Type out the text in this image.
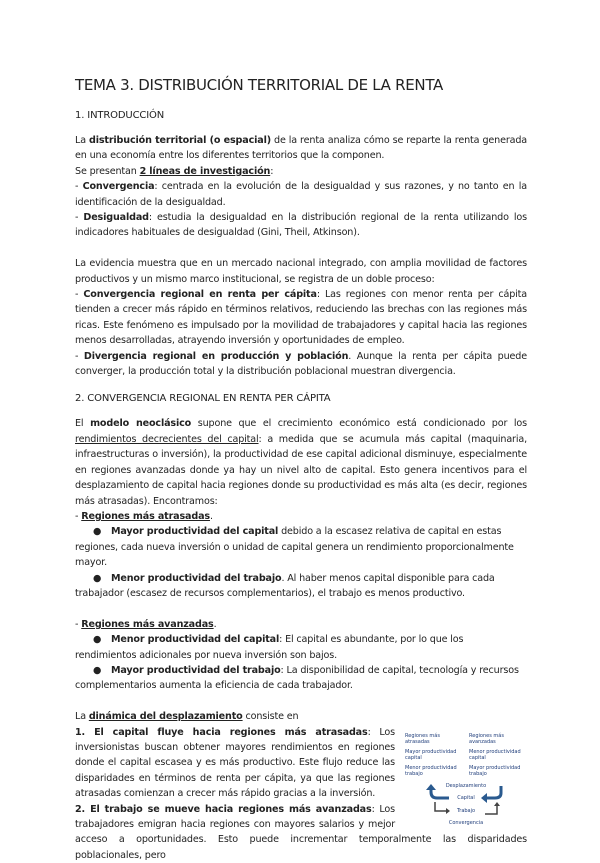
TEMA 3. DISTRIBUCIÓN TERRITORIAL DE LA RENTA
1. INTRODUCCIÓN

La distribución territorial (o espacial) de la renta analiza cómo se reparte la renta generada en una economía entre los diferentes territorios que la componen.

Se presentan 2 líneas de investigación:

- Convergencia: centrada en la evolución de la desigualdad y sus razones, y no tanto en la identificación de la desigualdad.

- Desigualdad: estudia la desigualdad en la distribución regional de la renta utilizando los indicadores habituales de desigualdad (Gini, Theil, Atkinson).

La evidencia muestra que en un mercado nacional integrado, con amplia movilidad de factores productivos y un mismo marco institucional, se registra de un doble proceso:

- Convergencia regional en renta per cápita: Las regiones con menor renta per cápita tienden a crecer más rápido en términos relativos, reduciendo las brechas con las regiones más ricas. Este fenómeno es impulsado por la movilidad de trabajadores y capital hacia las regiones menos desarrolladas, atrayendo inversión y oportunidades de empleo.

- Divergencia regional en producción y población. Aunque la renta per cápita puede converger, la producción total y la distribución poblacional muestran divergencia.

2. CONVERGENCIA REGIONAL EN RENTA PER CÁPITA

El modelo neoclásico supone que el crecimiento económico está condicionado por los rendimientos decrecientes del capital: a medida que se acumula más capital (maquinaria, infraestructuras o inversión), la productividad de ese capital adicional disminuye, especialmente en regiones avanzadas donde ya hay un nivel alto de capital. Esto genera incentivos para el desplazamiento de capital hacia regiones donde su productividad es más alta (es decir, regiones más atrasadas). Encontramos:

- Regiones más atrasadas.

● Mayor productividad del capital debido a la escasez relativa de capital en estas regiones, cada nueva inversión o unidad de capital genera un rendimiento proporcionalmente mayor.

● Menor productividad del trabajo. Al haber menos capital disponible para cada trabajador (escasez de recursos complementarios), el trabajo es menos productivo.

- Regiones más avanzadas.

● Menor productividad del capital: El capital es abundante, por lo que los rendimientos adicionales por nueva inversión son bajos.

● Mayor productividad del trabajo: La disponibilidad de capital, tecnología y recursos complementarios aumenta la eficiencia de cada trabajador.

La dinámica del desplazamiento consiste en

Regiones más atrasadas
Mayor productividad capital
Menor productividad trabajo
Regiones más avanzadas
Menor productividad capital
Mayor productividad trabajo
Desplazamiento
Capital
Trabajo
Convergencia

1. El capital fluye hacia regiones más atrasadas: Los inversionistas buscan obtener mayores rendimientos en regiones donde el capital escasea y es más productivo. Este flujo reduce las disparidades en términos de renta per cápita, ya que las regiones atrasadas comienzan a crecer más rápido gracias a la inversión.

2. El trabajo se mueve hacia regiones más avanzadas: Los trabajadores emigran hacia regiones con mayores salarios y mejor acceso a oportunidades. Esto puede incrementar temporalmente las disparidades poblacionales, pero
